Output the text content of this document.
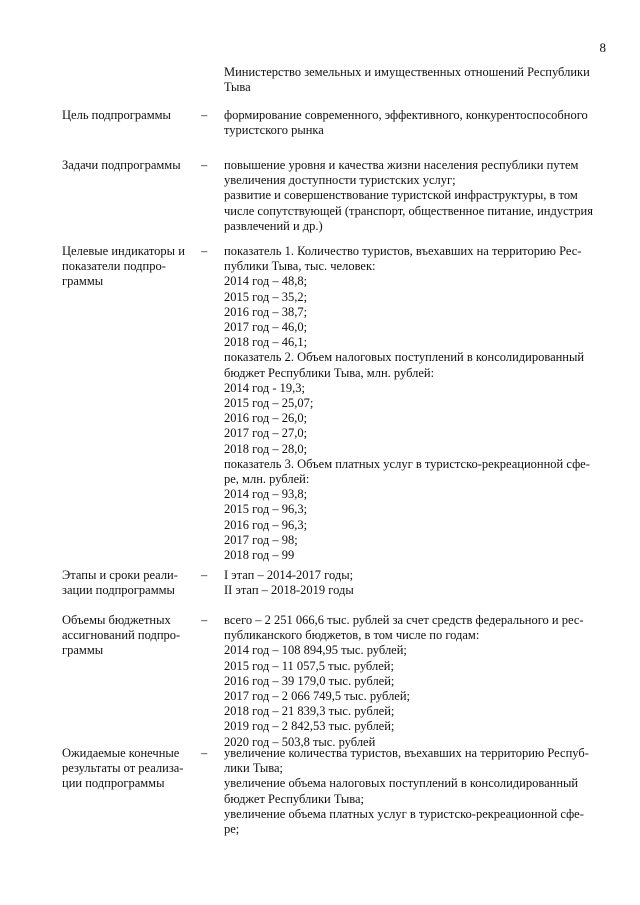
8
Министерство земельных и имущественных отношений Республики
Тыва
Цель подпрограммы – формирование современного, эффективного, конкурентоспособного
туристского рынка
Задачи подпрограммы – повышение уровня и качества жизни населения республики путем
увеличения доступности туристских услуг;
развитие и совершенствование туристской инфраструктуры, в том
числе сопутствующей (транспорт, общественное питание, индустрия
развлечений и др.)
Целевые индикаторы и
показатели подпро-
граммы
– показатель 1. Количество туристов, въехавших на территорию Рес-
публики Тыва, тыс. человек:
2014 год – 48,8;
2015 год – 35,2;
2016 год – 38,7;
2017 год – 46,0;
2018 год – 46,1;
показатель 2. Объем налоговых поступлений в консолидированный
бюджет Республики Тыва, млн. рублей:
2014 год - 19,3;
2015 год – 25,07;
2016 год – 26,0;
2017 год – 27,0;
2018 год – 28,0;
показатель 3. Объем платных услуг в туристско-рекреационной сфе-
ре, млн. рублей:
2014 год – 93,8;
2015 год – 96,3;
2016 год – 96,3;
2017 год – 98;
2018 год – 99
Этапы и сроки реали-
зации подпрограммы
– I этап – 2014-2017 годы;
II этап – 2018-2019 годы
Объемы бюджетных
ассигнований подпро-
граммы
– всего – 2 251 066,6 тыс. рублей за счет средств федерального и рес-
публиканского бюджетов, в том числе по годам:
2014 год – 108 894,95 тыс. рублей;
2015 год – 11 057,5 тыс. рублей;
2016 год – 39 179,0 тыс. рублей;
2017 год – 2 066 749,5 тыс. рублей;
2018 год – 21 839,3 тыс. рублей;
2019 год – 2 842,53 тыс. рублей;
2020 год – 503,8 тыс. рублей
Ожидаемые конечные
результаты от реализа-
ции подпрограммы
– увеличение количества туристов, въехавших на территорию Респуб-
лики Тыва;
увеличение объема налоговых поступлений в консолидированный
бюджет Республики Тыва;
увеличение объема платных услуг в туристско-рекреационной сфе-
ре;
